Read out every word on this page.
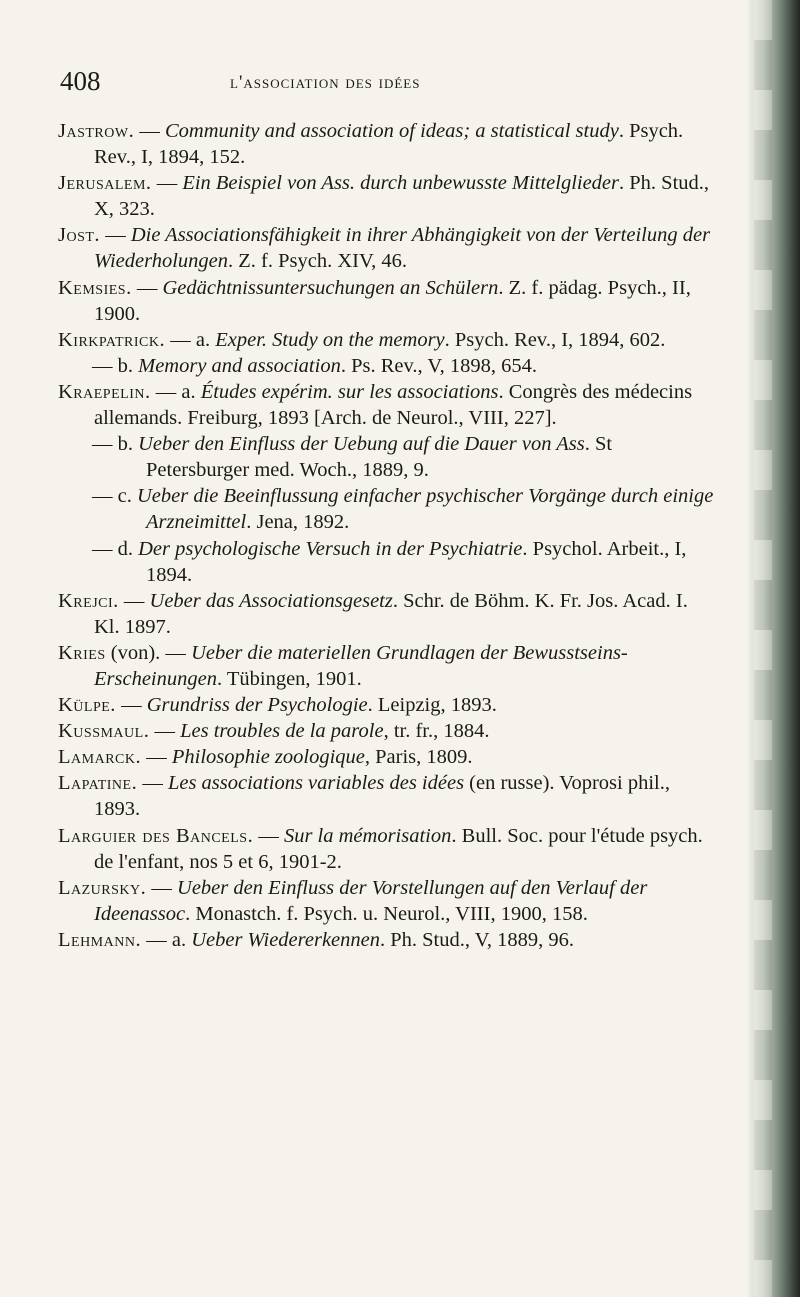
408	l'association des idées

Jastrow. — Community and association of ideas; a statistical study. Psych. Rev., I, 1894, 152.

Jerusalem. — Ein Beispiel von Ass. durch unbewusste Mittelglieder. Ph. Stud., X, 323.

Jost. — Die Associationsfähigkeit in ihrer Abhängigkeit von der Verteilung der Wiederholungen. Z. f. Psych. XIV, 46.

Kemsies. — Gedächtnissuntersuchungen an Schülern. Z. f. pädag. Psych., II, 1900.

Kirkpatrick. — a. Exper. Study on the memory. Psych. Rev., I, 1894, 602.

— b. Memory and association. Ps. Rev., V, 1898, 654.

Kraepelin. — a. Études expérim. sur les associations. Congrès des médecins allemands. Freiburg, 1893 [Arch. de Neurol., VIII, 227].

— b. Ueber den Einfluss der Uebung auf die Dauer von Ass. St Petersburger med. Woch., 1889, 9.

— c. Ueber die Beeinflussung einfacher psychischer Vorgänge durch einige Arzneimittel. Jena, 1892.

— d. Der psychologische Versuch in der Psychiatrie. Psychol. Arbeit., I, 1894.

Krejci. — Ueber das Associationsgesetz. Schr. de Böhm. K. Fr. Jos. Acad. I. Kl. 1897.

Kries (von). — Ueber die materiellen Grundlagen der Bewusstseins-Erscheinungen. Tübingen, 1901.

Külpe. — Grundriss der Psychologie. Leipzig, 1893.

Kussmaul. — Les troubles de la parole, tr. fr., 1884.

Lamarck. — Philosophie zoologique, Paris, 1809.

Lapatine. — Les associations variables des idées (en russe). Voprosi phil., 1893.

Larguier des Bancels. — Sur la mémorisation. Bull. Soc. pour l'étude psych. de l'enfant, nos 5 et 6, 1901-2.

Lazursky. — Ueber den Einfluss der Vorstellungen auf den Verlauf der Ideenassoc. Monastch. f. Psych. u. Neurol., VIII, 1900, 158.

Lehmann. — a. Ueber Wiedererkennen. Ph. Stud., V, 1889, 96.
